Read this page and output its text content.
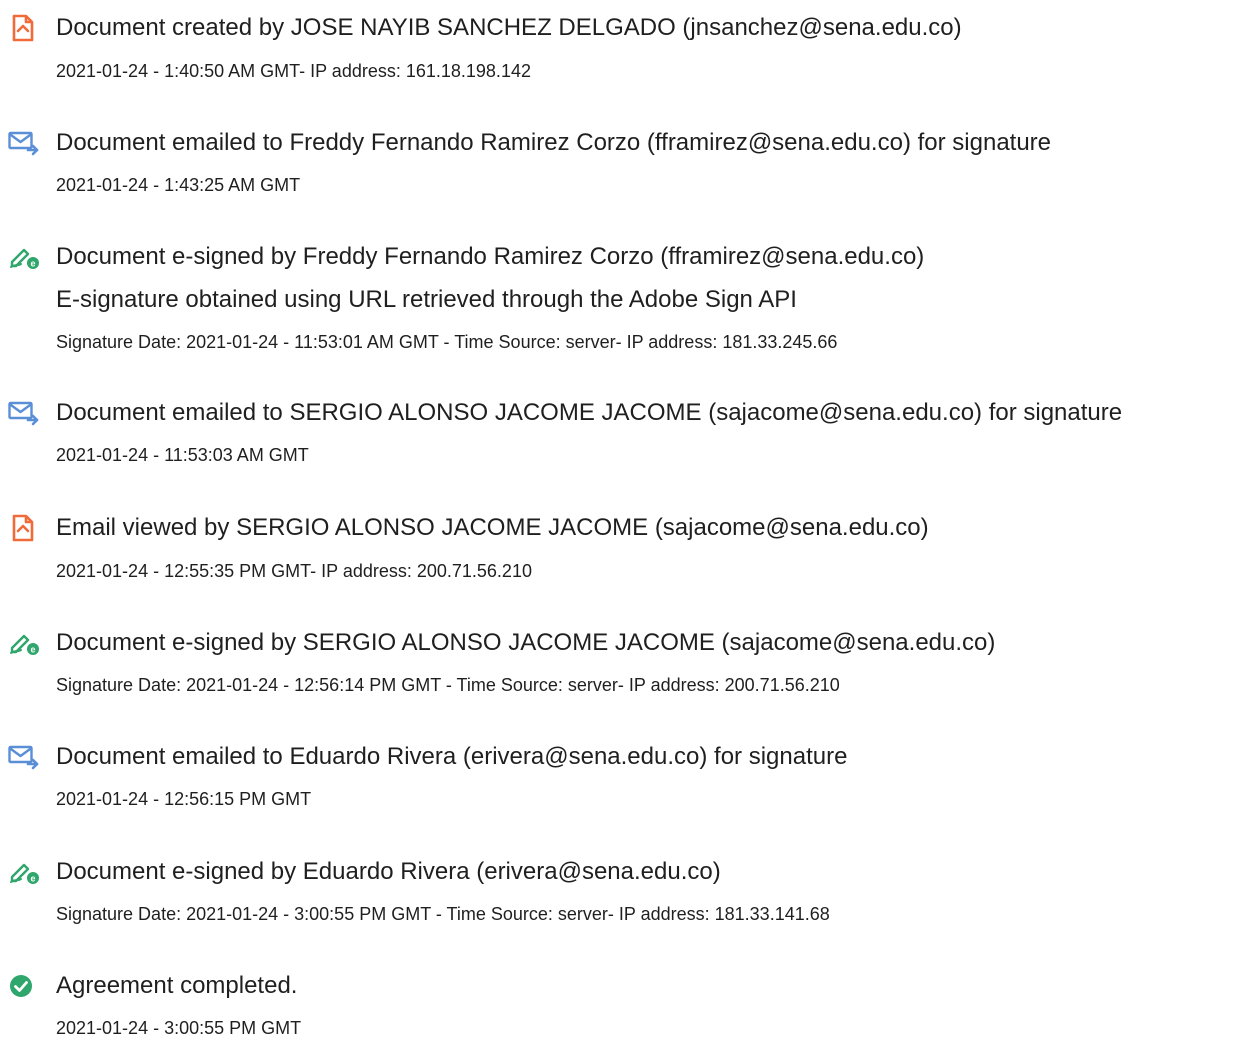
Document created by JOSE NAYIB SANCHEZ DELGADO (jnsanchez@sena.edu.co)
2021-01-24 - 1:40:50 AM GMT- IP address: 161.18.198.142
Document emailed to Freddy Fernando Ramirez Corzo (fframirez@sena.edu.co) for signature
2021-01-24 - 1:43:25 AM GMT
e Document e-signed by Freddy Fernando Ramirez Corzo (fframirez@sena.edu.co)
E-signature obtained using URL retrieved through the Adobe Sign API
Signature Date: 2021-01-24 - 11:53:01 AM GMT - Time Source: server- IP address: 181.33.245.66
Document emailed to SERGIO ALONSO JACOME JACOME (sajacome@sena.edu.co) for signature
2021-01-24 - 11:53:03 AM GMT
Email viewed by SERGIO ALONSO JACOME JACOME (sajacome@sena.edu.co)
2021-01-24 - 12:55:35 PM GMT- IP address: 200.71.56.210
e Document e-signed by SERGIO ALONSO JACOME JACOME (sajacome@sena.edu.co)
Signature Date: 2021-01-24 - 12:56:14 PM GMT - Time Source: server- IP address: 200.71.56.210
Document emailed to Eduardo Rivera (erivera@sena.edu.co) for signature
2021-01-24 - 12:56:15 PM GMT
e Document e-signed by Eduardo Rivera (erivera@sena.edu.co)
Signature Date: 2021-01-24 - 3:00:55 PM GMT - Time Source: server- IP address: 181.33.141.68
Agreement completed.
2021-01-24 - 3:00:55 PM GMT
